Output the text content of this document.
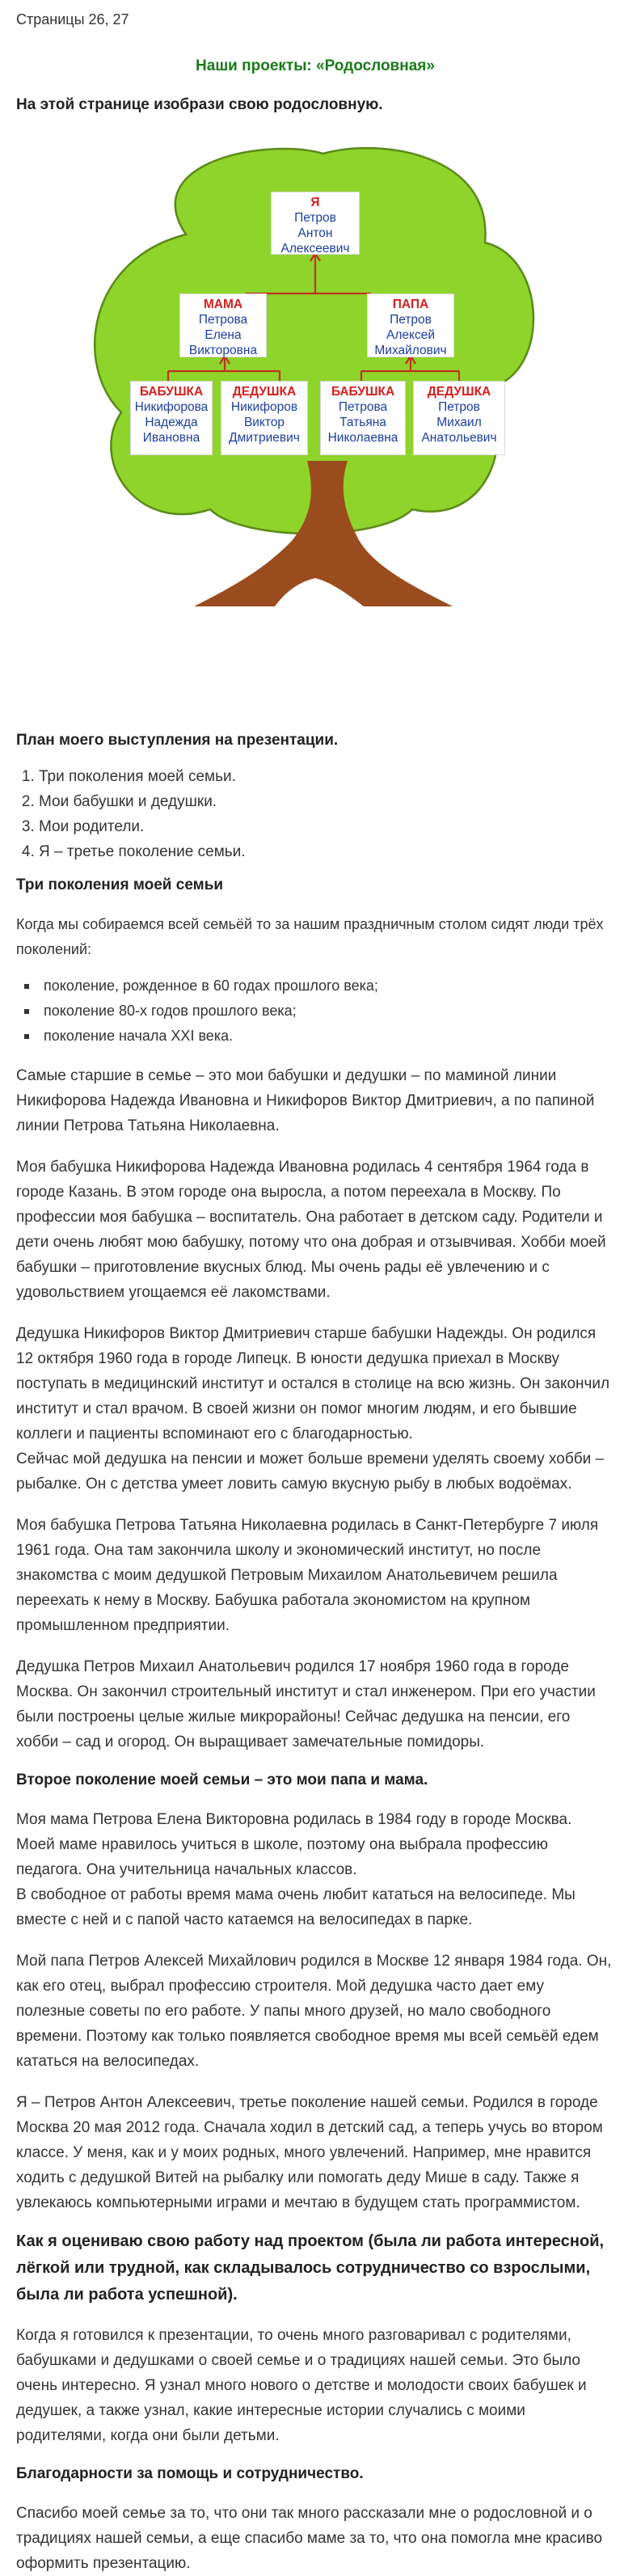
Страницы 26, 27
Наши проекты: «Родословная»
На этой странице изобрази свою родословную.
Я
Петров
Антон
Алексеевич
МАМА
Петрова
Елена
Викторовна
ПАПА
Петров
Алексей
Михайлович
БАБУШКА
Никифорова
Надежда
Ивановна
ДЕДУШКА
Никифоров
Виктор
Дмитриевич
БАБУШКА
Петрова
Татьяна
Николаевна
ДЕДУШКА
Петров
Михаил
Анатольевич
План моего выступления на презентации.
1. Три поколения моей семьи.
2. Мои бабушки и дедушки.
3. Мои родители.
4. Я – третье поколение семьи.
Три поколения моей семьи

Когда мы собираемся всей семьёй то за нашим праздничным столом сидят люди трёх поколений:

поколение, рожденное в 60 годах прошлого века;
поколение 80-х годов прошлого века;
поколение начала XXI века.

Самые старшие в семье – это мои бабушки и дедушки – по маминой линии Никифорова Надежда Ивановна и Никифоров Виктор Дмитриевич, а по папиной линии Петрова Татьяна Николаевна.

Моя бабушка Никифорова Надежда Ивановна родилась 4 сентября 1964 года в городе Казань. В этом городе она выросла, а потом переехала в Москву. По профессии моя бабушка – воспитатель. Она работает в детском саду. Родители и дети очень любят мою бабушку, потому что она добрая и отзывчивая. Хобби моей бабушки – приготовление вкусных блюд. Мы очень рады её увлечению и с удовольствием угощаемся её лакомствами.

Дедушка Никифоров Виктор Дмитриевич старше бабушки Надежды. Он родился 12 октября 1960 года в городе Липецк. В юности дедушка приехал в Москву поступать в медицинский институт и остался в столице на всю жизнь. Он закончил институт и стал врачом. В своей жизни он помог многим людям, и его бывшие коллеги и пациенты вспоминают его с благодарностью.
Сейчас мой дедушка на пенсии и может больше времени уделять своему хобби – рыбалке. Он с детства умеет ловить самую вкусную рыбу в любых водоёмах.

Моя бабушка Петрова Татьяна Николаевна родилась в Санкт-Петербурге 7 июля 1961 года. Она там закончила школу и экономический институт, но после знакомства с моим дедушкой Петровым Михаилом Анатольевичем решила переехать к нему в Москву. Бабушка работала экономистом на крупном промышленном предприятии.

Дедушка Петров Михаил Анатольевич родился 17 ноября 1960 года в городе Москва. Он закончил строительный институт и стал инженером. При его участии были построены целые жилые микрорайоны! Сейчас дедушка на пенсии, его хобби – сад и огород. Он выращивает замечательные помидоры.

Второе поколение моей семьи – это мои папа и мама.

Моя мама Петрова Елена Викторовна родилась в 1984 году в городе Москва. Моей маме нравилось учиться в школе, поэтому она выбрала профессию педагога. Она учительница начальных классов.
В свободное от работы время мама очень любит кататься на велосипеде. Мы вместе с ней и с папой часто катаемся на велосипедах в парке.

Мой папа Петров Алексей Михайлович родился в Москве 12 января 1984 года. Он, как его отец, выбрал профессию строителя. Мой дедушка часто дает ему полезные советы по его работе. У папы много друзей, но мало свободного времени. Поэтому как только появляется свободное время мы всей семьёй едем кататься на велосипедах.

Я – Петров Антон Алексеевич, третье поколение нашей семьи. Родился в городе Москва 20 мая 2012 года. Сначала ходил в детский сад, а теперь учусь во втором классе. У меня, как и у моих родных, много увлечений. Например, мне нравится ходить с дедушкой Витей на рыбалку или помогать деду Мише в саду. Также я увлекаюсь компьютерными играми и мечтаю в будущем стать программистом.

Как я оцениваю свою работу над проектом (была ли работа интересной, лёгкой или трудной, как складывалось сотрудничество со взрослыми, была ли работа успешной).

Когда я готовился к презентации, то очень много разговаривал с родителями, бабушками и дедушками о своей семье и о традициях нашей семьи. Это было очень интересно. Я узнал много нового о детстве и молодости своих бабушек и дедушек, а также узнал, какие интересные истории случались с моими родителями, когда они были детьми.

Благодарности за помощь и сотрудничество.

Спасибо моей семье за то, что они так много рассказали мне о родословной и о традициях нашей семьи, а еще спасибо маме за то, что она помогла мне красиво оформить презентацию.
